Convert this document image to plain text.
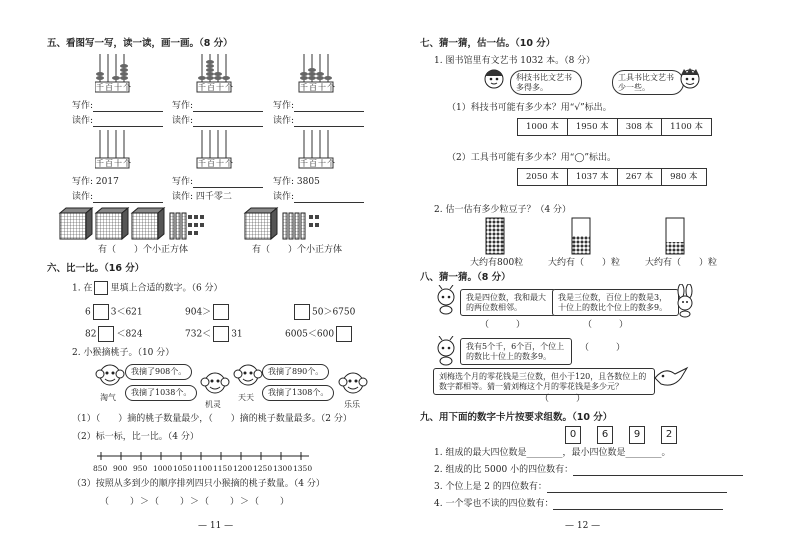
五、看图写一写，读一读，画一画。（8 分）
千百十个	千百十个	千百十个
写作:	写作:	写作:
读作:	读作:	读作:
千百十个	千百十个	千百十个
写作: 2017	写作:	写作: 3805
读作:	读作: 四千零二	读作:
有（　　）个小正方体	有（　　）个小正方体
六、比一比。（16 分）
1. 在 里填上合适的数字。（6 分）
6 3＜621	904＞	50＞6750
82 ＜824	732＜ 31	6005＜600
2. 小猴摘桃子。（10 分）
我摘了908个。
我摘了1038个。
我摘了890个。
我摘了1308个。
淘气
机灵
天天
乐乐
（1）（　　）摘的桃子数量最少，（　　）摘的桃子数量最多。（2 分）
（2）标一标，比一比。（4 分）
850 900 950 1000 1050 1100 1150 1200 1250 1300 1350
（3）按照从多到少的顺序排列四只小猴摘的桃子数量。（4 分）
（　　）＞（　　）＞（　　）＞（　　）
— 11 —
七、猜一猜，估一估。（10 分）
1. 图书馆里有文艺书 1032 本。（8 分）
科技书比文艺书多得多。
工具书比文艺书少一些。
（1）科技书可能有多少本？用“√”标出。
1000 本	1950 本	308 本	1100 本
（2）工具书可能有多少本？用“◯”标出。
2050 本	1037 本	267 本	980 本
2. 估一估有多少粒豆子？（4 分）
大约有800粒	大约有（　　）粒	大约有（　　）粒
八、猜一猜。（8 分）
我是四位数，我和最大的两位数相邻。
我是三位数，百位上的数是3，十位上的数比个位上的数多9。
（　　　）	（　　　）
我有5个千，6个百，个位上的数比十位上的数多9。
（　　　）
刘梅选个月的零花钱是三位数，但小于120，且各数位上的数字都相等。猜一猜刘梅这个月的零花钱是多少元？
（　　　）
九、用下面的数字卡片按要求组数。（10 分）
0	6	9	2
1. 组成的最大四位数是________，最小四位数是________。
2. 组成的比 5000 小的四位数有：
3. 个位上是 2 的四位数有：
4. 一个零也不读的四位数有：
— 12 —
